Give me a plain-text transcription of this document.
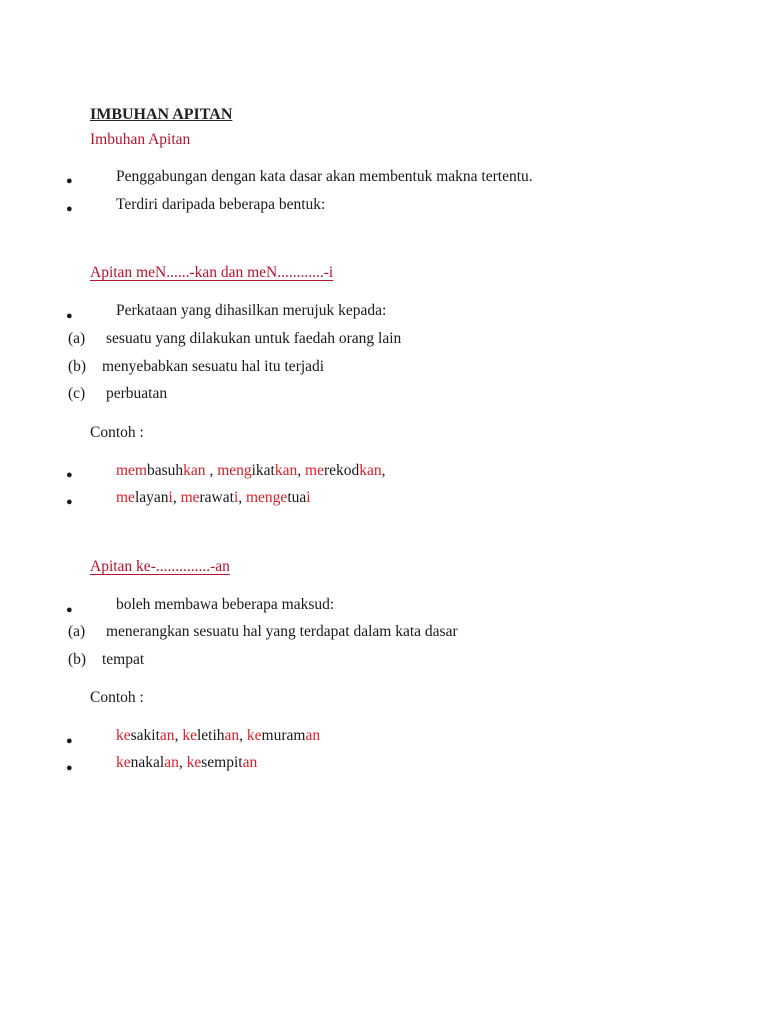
IMBUHAN APITAN
Imbuhan Apitan
●	Penggabungan dengan kata dasar akan membentuk makna tertentu.
●	Terdiri daripada beberapa bentuk:
Apitan meN......-kan dan meN............-i
●	Perkataan yang dihasilkan merujuk kepada:
(a) sesuatu yang dilakukan untuk faedah orang lain
(b) menyebabkan sesuatu hal itu terjadi
(c) perbuatan
Contoh :
●	membasuhkan , mengikatkan, merekodkan,
●	melayani, merawati, mengetuai
Apitan ke-..............-an
●	boleh membawa beberapa maksud:
(a) menerangkan sesuatu hal yang terdapat dalam kata dasar
(b) tempat
Contoh :
●	kesakitan, keletihan, kemuraman
●	kenakalan, kesempitan
